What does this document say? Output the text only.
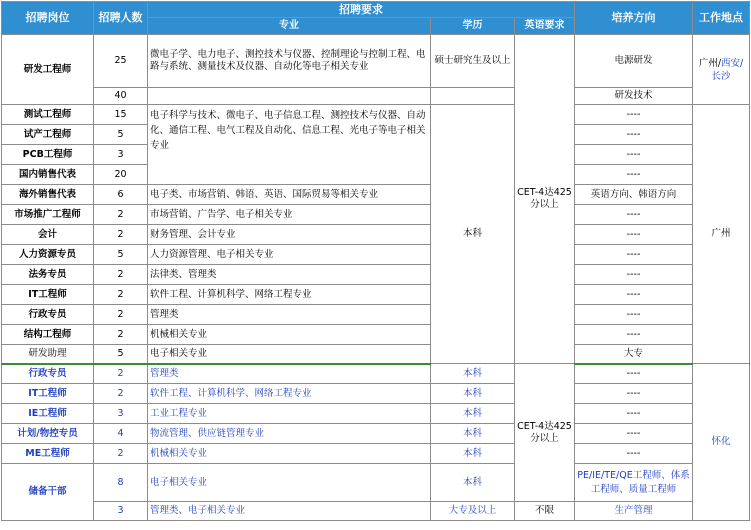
招聘岗位	招聘人数	招聘要求			培养方向	工作地点	
		专业	学历	英语要求			
研发工程师	25	微电子学、电力电子、测控技术与仪器、控制理论与控制工程、电路与系统、测量技术及仪器、自动化等电子相关专业	硕士研究生及以上	CET-4达425分以上	电源研发	广州/西安/
长沙	
	40				研发技术		
测试工程师	15	电子科学与技术、微电子、电子信息工程、测控技术与仪器、自动化、通信工程、电气工程及自动化、信息工程、光电子等电子相关专业	本科		----	广州	
试产工程师	5				----		
PCB工程师	3				----		
国内销售代表	20				----		
海外销售代表	6	电子类、市场营销、韩语、英语、国际贸易等相关专业			英语方向、韩语方向		
市场推广工程师	2	市场营销、广告学、电子相关专业			----		
会计	2	财务管理、会计专业			----		
人力资源专员	5	人力资源管理、电子相关专业			----		
法务专员	2	法律类、管理类			----		
IT工程师	2	软件工程、计算机科学、网络工程专业			----		
行政专员	2	管理类			----		
结构工程师	2	机械相关专业			----		
研发助理	5	电子相关专业			大专			
行政专员	2	管理类	本科	CET-4达425分以上	----	怀化	
IT工程师	2	软件工程、计算机科学、网络工程专业	本科		----		
IE工程师	3	工业工程专业	本科		----		
计划/物控专员	4	物流管理、供应链管理专业	本科		----		
ME工程师	2	机械相关专业	本科		----		
储备干部	8	电子相关专业	本科		PE/IE/TE/QE工程师、体系工程师、质量工程师		
	3	管理类、电子相关专业	大专及以上	不限	生产管理		
